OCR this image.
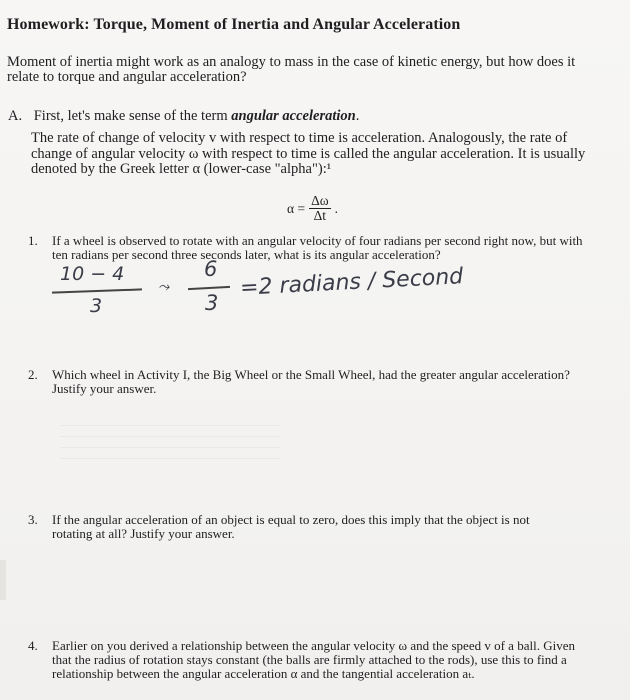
Homework: Torque, Moment of Inertia and Angular Acceleration
Moment of inertia might work as an analogy to mass in the case of kinetic energy, but how does it relate to torque and angular acceleration?
A. First, let's make sense of the term angular acceleration.
The rate of change of velocity v with respect to time is acceleration. Analogously, the rate of change of angular velocity ω with respect to time is called the angular acceleration. It is usually denoted by the Greek letter α (lower-case "alpha"):¹
$\alpha = \frac{\Delta\omega}{\Delta t}$ .
1. If a wheel is observed to rotate with an angular velocity of four radians per second right now, but with ten radians per second three seconds later, what is its angular acceleration?
10 − 4
3
⤳
6
3
=2 radians / Second
2. Which wheel in Activity I, the Big Wheel or the Small Wheel, had the greater angular acceleration? Justify your answer.
3. If the angular acceleration of an object is equal to zero, does this imply that the object is not rotating at all? Justify your answer.
4. Earlier on you derived a relationship between the angular velocity ω and the speed v of a ball. Given that the radius of rotation stays constant (the balls are firmly attached to the rods), use this to find a relationship between the angular acceleration α and the tangential acceleration aₜ.
